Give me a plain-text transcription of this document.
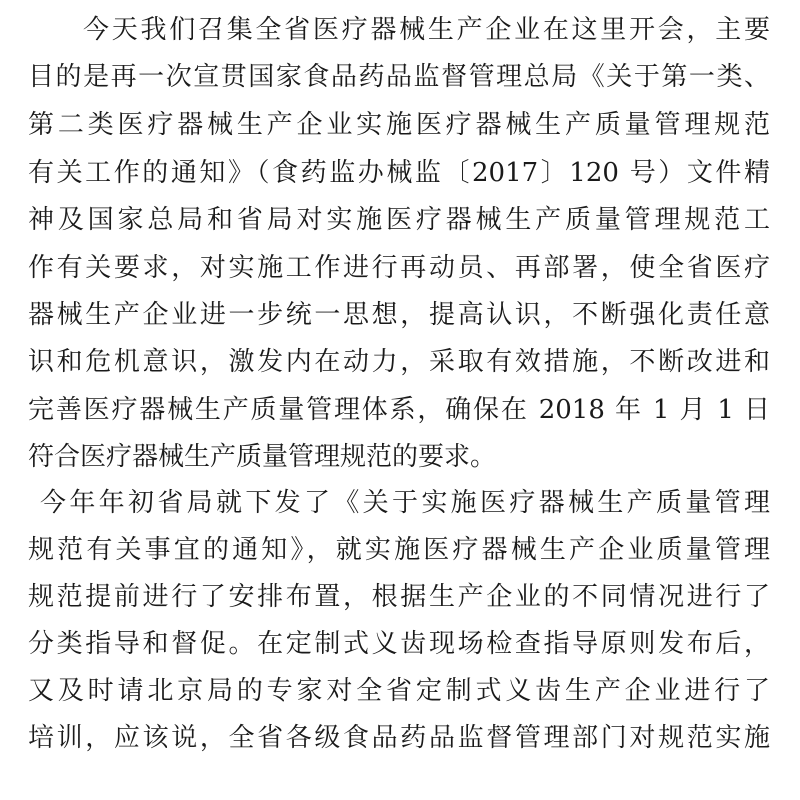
今天我们召集全省医疗器械生产企业在这里开会，主要
目的是再一次宣贯国家食品药品监督管理总局《关于第一类、
第二类医疗器械生产企业实施医疗器械生产质量管理规范
有关工作的通知》（食药监办械监〔2017〕120 号）文件精
神及国家总局和省局对实施医疗器械生产质量管理规范工
作有关要求，对实施工作进行再动员、再部署，使全省医疗
器械生产企业进一步统一思想，提高认识，不断强化责任意
识和危机意识，激发内在动力，采取有效措施，不断改进和
完善医疗器械生产质量管理体系，确保在 2018 年 1 月 1 日
符合医疗器械生产质量管理规范的要求。
今年年初省局就下发了《关于实施医疗器械生产质量管理
规范有关事宜的通知》，就实施医疗器械生产企业质量管理
规范提前进行了安排布置，根据生产企业的不同情况进行了
分类指导和督促。在定制式义齿现场检查指导原则发布后，
又及时请北京局的专家对全省定制式义齿生产企业进行了
培训，应该说，全省各级食品药品监督管理部门对规范实施
